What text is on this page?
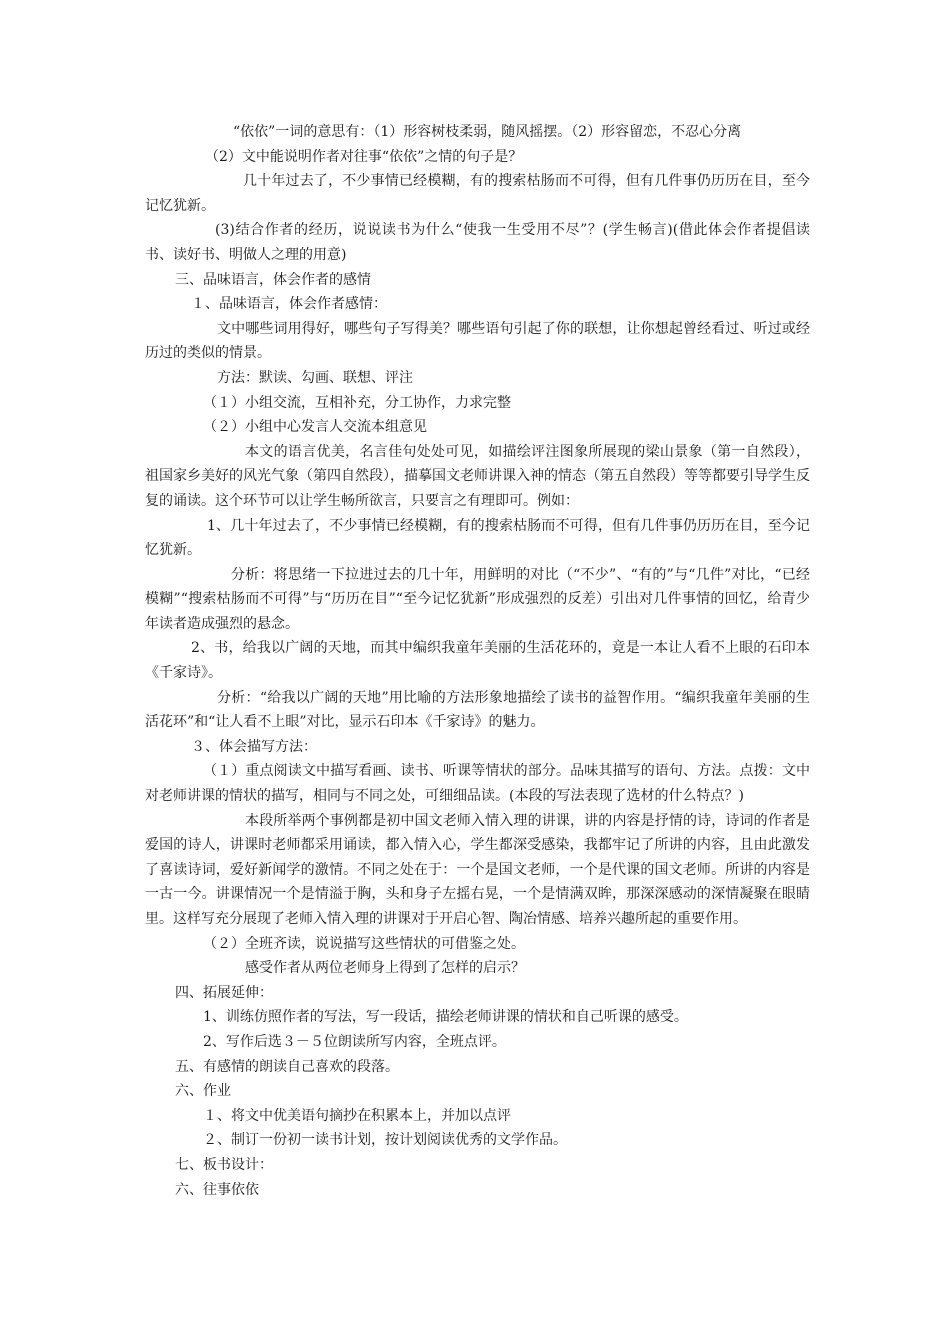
“依依”一词的意思有：（1）形容树枝柔弱，随风摇摆。（2）形容留恋，不忍心分离

（2）文中能说明作者对往事“依依”之情的句子是？

几十年过去了，不少事情已经模糊，有的搜索枯肠而不可得，但有几件事仍历历在目，至今记忆犹新。

(3)结合作者的经历，说说读书为什么“使我一生受用不尽”？(学生畅言)(借此体会作者提倡读书、读好书、明做人之理的用意)

三、品味语言，体会作者的感情

１、品味语言，体会作者感情：

文中哪些词用得好，哪些句子写得美？哪些语句引起了你的联想，让你想起曾经看过、听过或经历过的类似的情景。

方法：默读、勾画、联想、评注

（１）小组交流，互相补充，分工协作，力求完整

（２）小组中心发言人交流本组意见

本文的语言优美，名言佳句处处可见，如描绘评注图象所展现的梁山景象（第一自然段），祖国家乡美好的风光气象（第四自然段），描摹国文老师讲课入神的情态（第五自然段）等等都要引导学生反复的诵读。这个环节可以让学生畅所欲言，只要言之有理即可。例如：

1、几十年过去了，不少事情已经模糊，有的搜索枯肠而不可得，但有几件事仍历历在目，至今记忆犹新。

分析：将思绪一下拉进过去的几十年，用鲜明的对比（“不少”、“有的”与“几件”对比，“已经模糊”“搜索枯肠而不可得”与“历历在目”“至今记忆犹新”形成强烈的反差）引出对几件事情的回忆，给青少年读者造成强烈的悬念。

2、书，给我以广阔的天地，而其中编织我童年美丽的生活花环的，竟是一本让人看不上眼的石印本《千家诗》。

分析：“给我以广阔的天地”用比喻的方法形象地描绘了读书的益智作用。“编织我童年美丽的生活花环”和“让人看不上眼”对比，显示石印本《千家诗》的魅力。

３、体会描写方法：

（１）重点阅读文中描写看画、读书、听课等情状的部分。品味其描写的语句、方法。点拨：文中对老师讲课的情状的描写，相同与不同之处，可细细品读。(本段的写法表现了选材的什么特点？)

本段所举两个事例都是初中国文老师入情入理的讲课，讲的内容是抒情的诗，诗词的作者是爱国的诗人，讲课时老师都采用诵读，都入情入心，学生都深受感染，我都牢记了所讲的内容，且由此激发了喜读诗词，爱好新闻学的激情。不同之处在于：一个是国文老师，一个是代课的国文老师。所讲的内容是一古一今。讲课情况一个是情溢于胸，头和身子左摇右晃，一个是情满双眸，那深深感动的深情凝聚在眼睛里。这样写充分展现了老师入情入理的讲课对于开启心智、陶冶情感、培养兴趣所起的重要作用。

（２）全班齐读，说说描写这些情状的可借鉴之处。

感受作者从两位老师身上得到了怎样的启示？

四、拓展延伸：

1、训练仿照作者的写法，写一段话，描绘老师讲课的情状和自己听课的感受。

2、写作后选３－５位朗读所写内容，全班点评。

五、有感情的朗读自己喜欢的段落。

六、作业

１、将文中优美语句摘抄在积累本上，并加以点评

２、制订一份初一读书计划，按计划阅读优秀的文学作品。

七、板书设计：

六、往事依依
